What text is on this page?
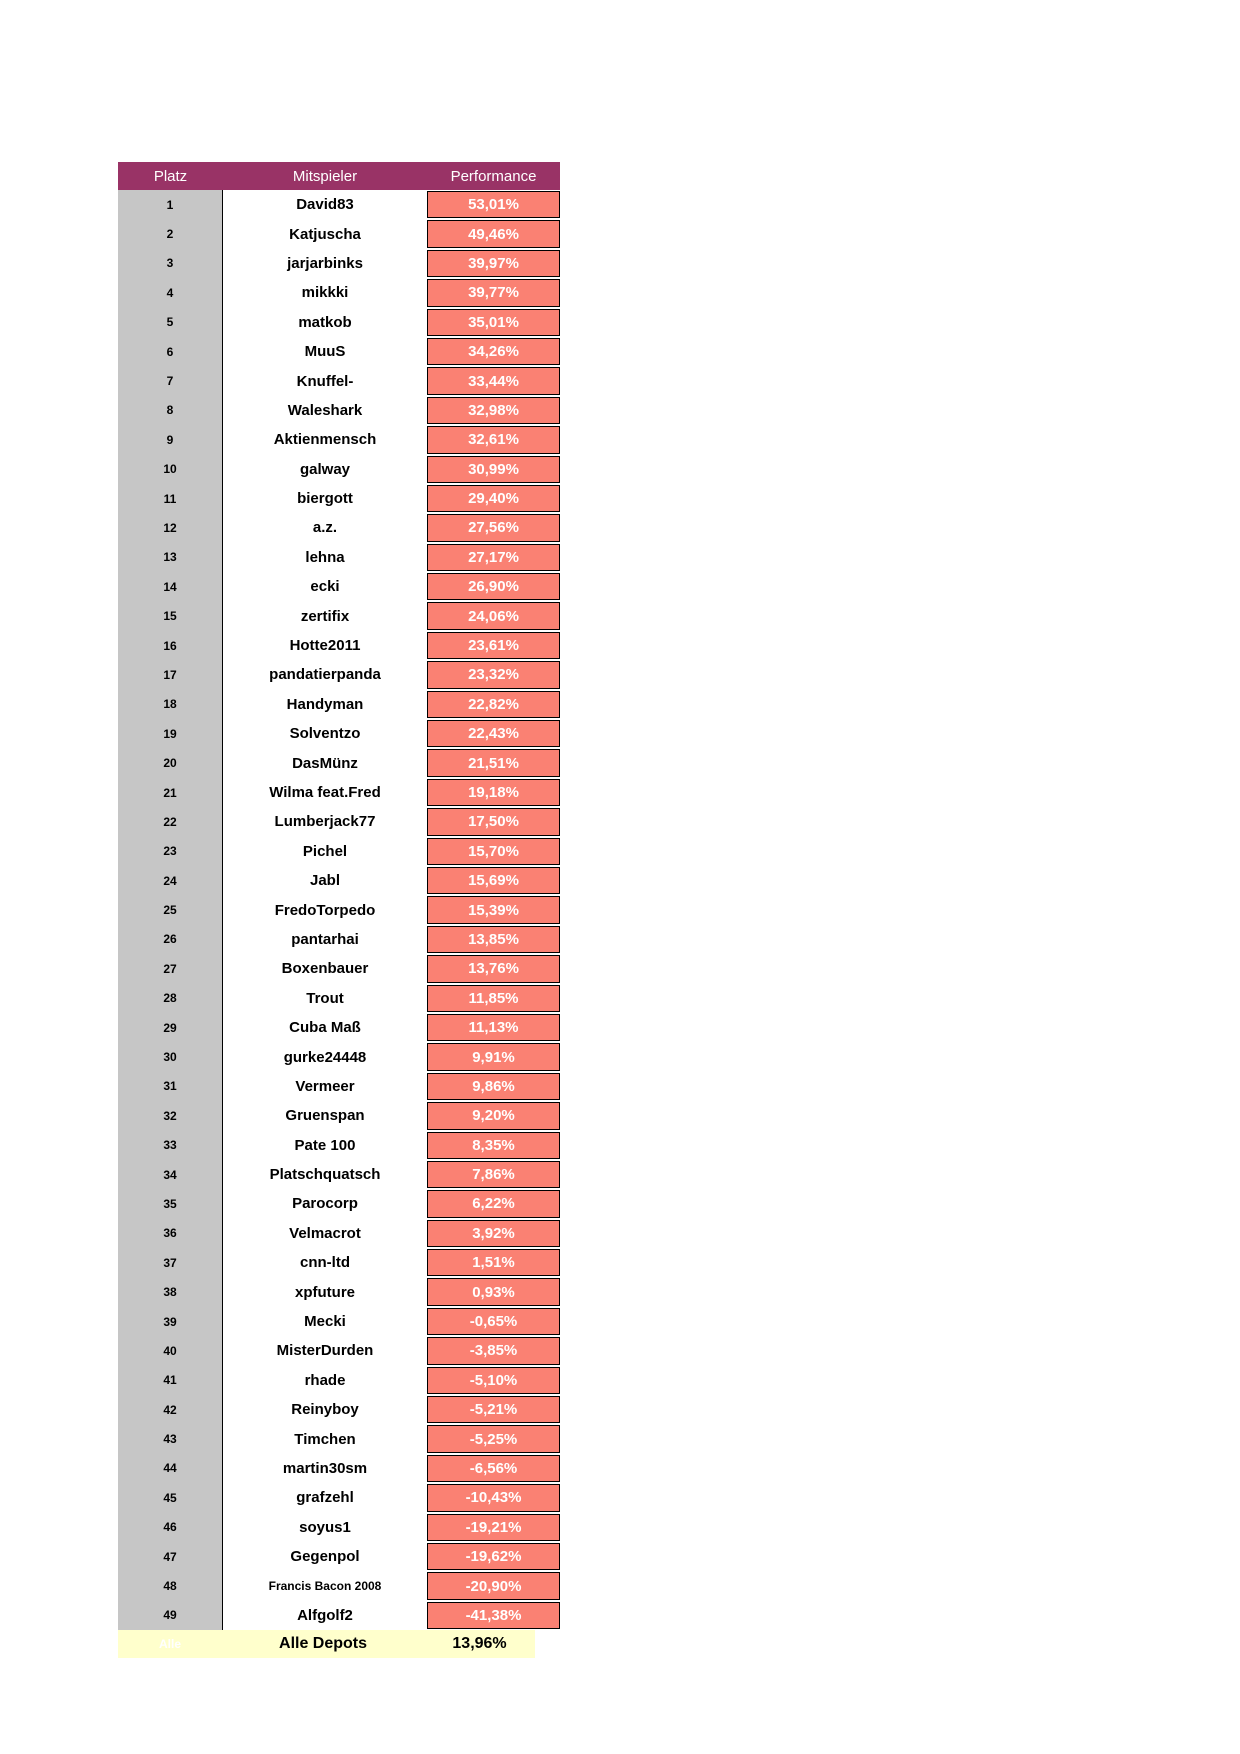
Platz	Mitspieler	Performance
1	David83	53,01%
2	Katjuscha	49,46%
3	jarjarbinks	39,97%
4	mikkki	39,77%
5	matkob	35,01%
6	MuuS	34,26%
7	Knuffel-	33,44%
8	Waleshark	32,98%
9	Aktienmensch	32,61%
10	galway	30,99%
11	biergott	29,40%
12	a.z.	27,56%
13	lehna	27,17%
14	ecki	26,90%
15	zertifix	24,06%
16	Hotte2011	23,61%
17	pandatierpanda	23,32%
18	Handyman	22,82%
19	Solventzo	22,43%
20	DasMünz	21,51%
21	Wilma feat.Fred	19,18%
22	Lumberjack77	17,50%
23	Pichel	15,70%
24	Jabl	15,69%
25	FredoTorpedo	15,39%
26	pantarhai	13,85%
27	Boxenbauer	13,76%
28	Trout	11,85%
29	Cuba Maß	11,13%
30	gurke24448	9,91%
31	Vermeer	9,86%
32	Gruenspan	9,20%
33	Pate 100	8,35%
34	Platschquatsch	7,86%
35	Parocorp	6,22%
36	Velmacrot	3,92%
37	cnn-ltd	1,51%
38	xpfuture	0,93%
39	Mecki	-0,65%
40	MisterDurden	-3,85%
41	rhade	-5,10%
42	Reinyboy	-5,21%
43	Timchen	-5,25%
44	martin30sm	-6,56%
45	grafzehl	-10,43%
46	soyus1	-19,21%
47	Gegenpol	-19,62%
48	Francis Bacon 2008	-20,90%
49	Alfgolf2	-41,38%
Alle	Alle Depots	13,96%
